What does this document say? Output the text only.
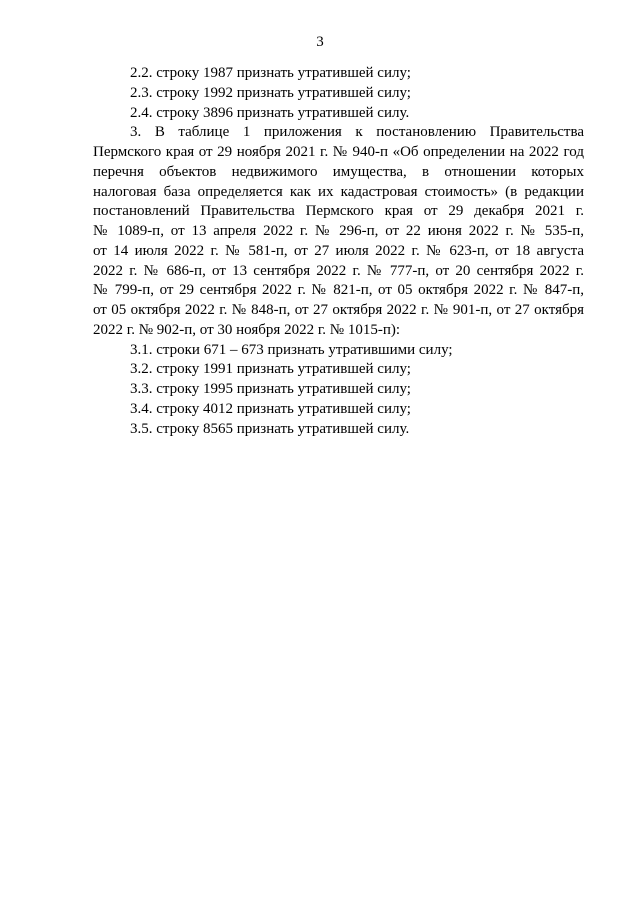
3
2.2. строку 1987 признать утратившей силу;
2.3. строку 1992 признать утратившей силу;
2.4. строку 3896 признать утратившей силу.
3. В таблице 1 приложения к постановлению Правительства
Пермского края от 29 ноября 2021 г. № 940-п «Об определении на 2022 год
перечня объектов недвижимого имущества, в отношении которых
налоговая база определяется как их кадастровая стоимость» (в редакции
постановлений Правительства Пермского края от 29 декабря 2021 г.
№ 1089-п, от 13 апреля 2022 г. № 296-п, от 22 июня 2022 г. № 535-п,
от 14 июля 2022 г. № 581-п, от 27 июля 2022 г. № 623-п, от 18 августа
2022 г. № 686-п, от 13 сентября 2022 г. № 777-п, от 20 сентября 2022 г.
№ 799-п, от 29 сентября 2022 г. № 821-п, от 05 октября 2022 г. № 847-п,
от 05 октября 2022 г. № 848-п, от 27 октября 2022 г. № 901-п, от 27 октября
2022 г. № 902-п, от 30 ноября 2022 г. № 1015-п):
3.1. строки 671 – 673 признать утратившими силу;
3.2. строку 1991 признать утратившей силу;
3.3. строку 1995 признать утратившей силу;
3.4. строку 4012 признать утратившей силу;
3.5. строку 8565 признать утратившей силу.
